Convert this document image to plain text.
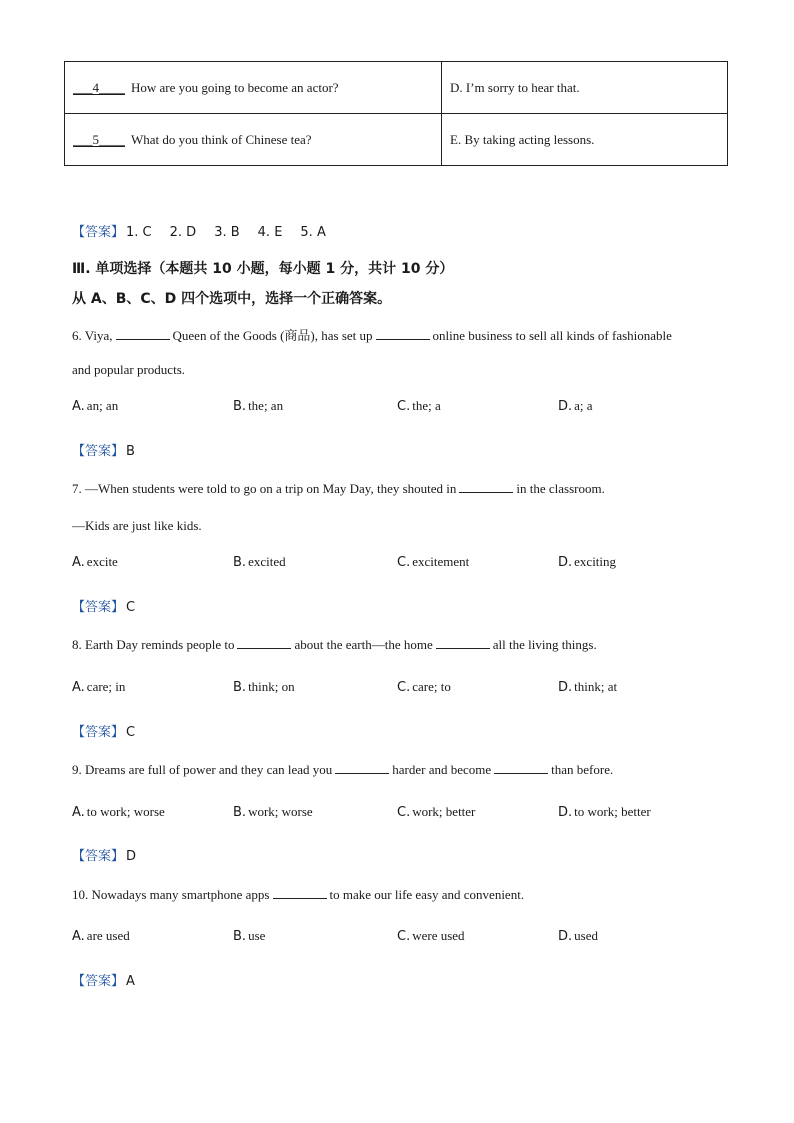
___4____ How are you going to become an actor?	D. I’m sorry to hear that.
___5____ What do you think of Chinese tea?	E. By taking acting lessons.
【答案】 1. C 2. D 3. B 4. E 5. A
Ⅲ. 单项选择（本题共 10 小题，每小题 1 分，共计 10 分）
从 A、B、C、D 四个选项中，选择一个正确答案。
6. Viya,	Queen of the Goods (商品), has set up	online business to sell all kinds of fashionable
and popular products.
A. an; an	B. the; an	C. the; a	D. a; a
【答案】 B
7. —When students were told to go on a trip on May Day, they shouted in	in the classroom.
—Kids are just like kids.
A. excite	B. excited	C. excitement	D. exciting
【答案】 C
8. Earth Day reminds people to	about the earth—the home	all the living things.
A. care; in	B. think; on	C. care; to	D. think; at
【答案】 C
9. Dreams are full of power and they can lead you	harder and become	than before.
A. to work; worse	B. work; worse	C. work; better	D. to work; better
【答案】 D
10. Nowadays many smartphone apps	to make our life easy and convenient.
A. are used	B. use	C. were used	D. used
【答案】 A
